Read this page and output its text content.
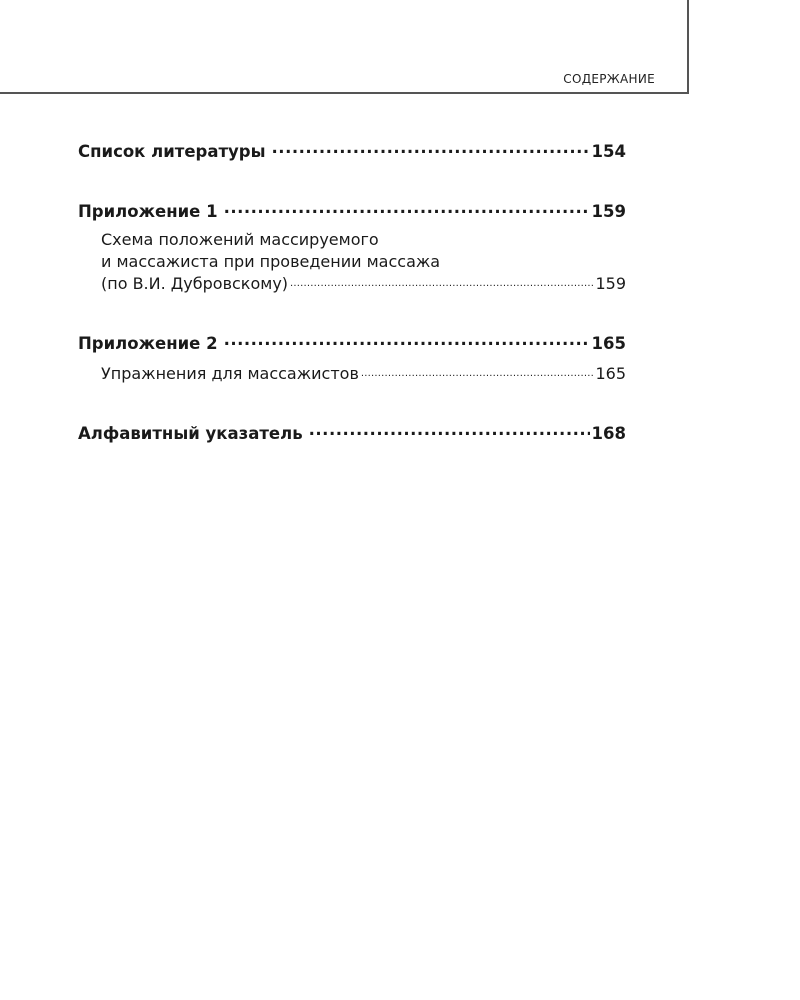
СОДЕРЖАНИЕ
Список литературы .....	154
Приложение 1 .....	159
Схема положений массируемого
и массажиста при проведении массажа
(по В.И. Дубровскому) .....	159
Приложение 2 .....	165
Упражнения для массажистов .....	165
Алфавитный указатель .....	168
